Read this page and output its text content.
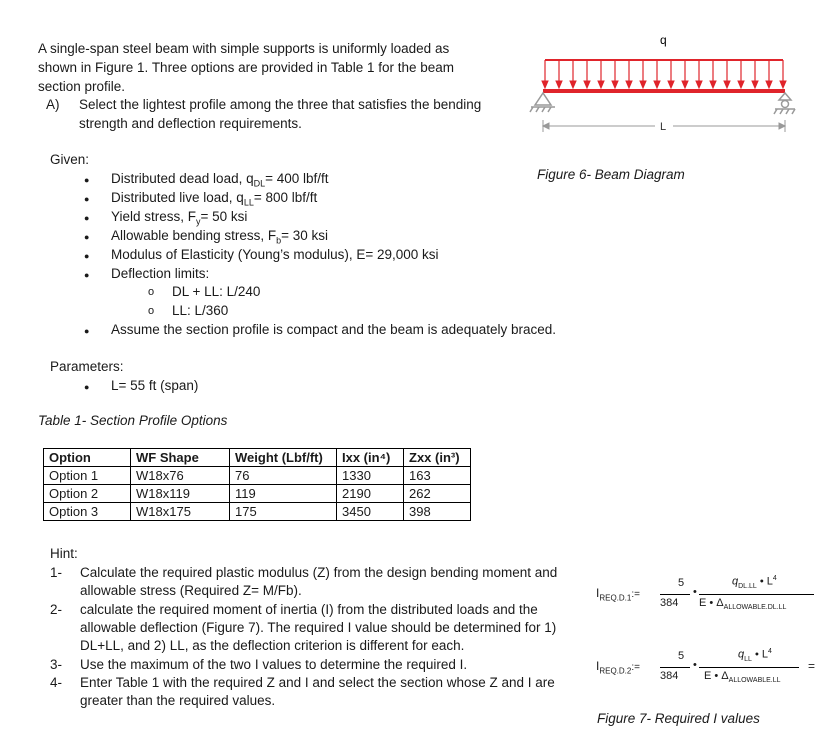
A single-span steel beam with simple supports is uniformly loaded as
shown in Figure 1. Three options are provided in Table 1 for the beam
section profile.
A) Select the lightest profile among the three that satisfies the bending
strength and deflection requirements.
q
L
Figure 6- Beam Diagram
Given:
● Distributed dead load, $q_{DL}= 400$ lbf/ft
● Distributed live load, $q_{LL}= 800$ lbf/ft
● Yield stress, $F_y= 50$ ksi
● Allowable bending stress, $F_b= 30$ ksi
● Modulus of Elasticity (Young’s modulus), E= 29,000 ksi
● Deflection limits:
o DL + LL: L/240
o LL: L/360
● Assume the section profile is compact and the beam is adequately braced.
Parameters:
● L= 55 ft (span)
Table 1- Section Profile Options
Option	WF Shape	Weight (Lbf/ft)	Ixx (in⁴)	Zxx (in³)
Option 1	W18x76	76	1330	163
Option 2	W18x119	119	2190	262
Option 3	W18x175	175	3450	398
Hint:
1- Calculate the required plastic modulus (Z) from the design bending moment and
allowable stress (Required Z= M/Fb).
2- calculate the required moment of inertia (I) from the distributed loads and the
allowable deflection (Figure 7). The required I value should be determined for 1)
DL+LL, and 2) LL, as the deflection criterion is different for each.
3- Use the maximum of the two I values to determine the required I.
4- Enter Table 1 with the required Z and I and select the section whose Z and I are
greater than the required values.
$I_{REQ.D.1}:=$
5
384
•
$q_{DL.LL}$ • $L^4$
E • $\Delta_{ALLOWABLE.DL.LL}$
$I_{REQ.D.2}:=$
5
384
•
$q_{LL}$ • $L^4$
E • $\Delta_{ALLOWABLE.LL}$
=
Figure 7- Required I values
